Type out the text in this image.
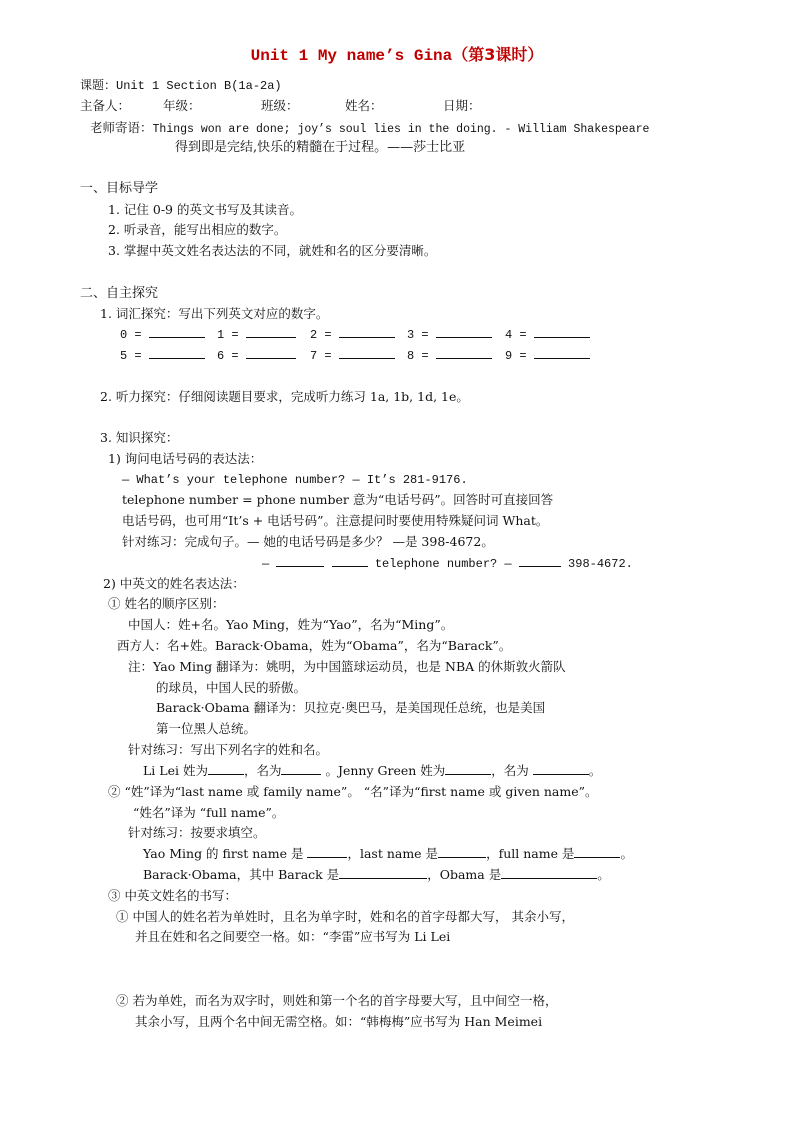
Unit 1 My name’s Gina（第3课时）
课题：Unit 1 Section B(1a-2a)
主备人：	年级：	班级：	姓名：	日期：
老师寄语：Things won are done; joy’s soul lies in the doing. - William Shakespeare
得到即是完结,快乐的精髓在于过程。——莎士比亚
一、目标导学
1. 记住 0-9 的英文书写及其读音。
2. 听录音，能写出相应的数字。
3. 掌握中英文姓名表达法的不同，就姓和名的区分要清晰。
二、自主探究
1. 词汇探究：写出下列英文对应的数字。
0 =	1 =	2 =	3 =	4 =
5 =	6 =	7 =	8 =	9 =
2. 听力探究：仔细阅读题目要求，完成听力练习 1a, 1b, 1d, 1e。
3. 知识探究：
1) 询问电话号码的表达法：
— What’s your telephone number? — It’s 281-9176.
telephone number = phone number 意为“电话号码”。回答时可直接回答
电话号码，也可用“It’s + 电话号码”。注意提问时要使用特殊疑问词 What。
针对练习：完成句子。— 她的电话号码是多少？ —是 398-4672。
—	telephone number? —	398-4672.
2) 中英文的姓名表达法：
① 姓名的顺序区别：
中国人：姓+名。Yao Ming，姓为“Yao”，名为“Ming”。
西方人：名+姓。Barack·Obama，姓为“Obama”，名为“Barack”。
注：Yao Ming 翻译为：姚明，为中国篮球运动员，也是 NBA 的休斯敦火箭队
的球员，中国人民的骄傲。
Barack·Obama 翻译为：贝拉克·奥巴马，是美国现任总统，也是美国
第一位黑人总统。
针对练习：写出下列名字的姓和名。
Li Lei 姓为	，名为	。Jenny Green 姓为	，名为	。
② “姓”译为“last name 或 family name”。 “名”译为“first name 或 given name”。
“姓名”译为 “full name”。
针对练习：按要求填空。
Yao Ming 的 first name 是	，last name 是	，full name 是	。
Barack·Obama，其中 Barack 是	，Obama 是	。
③ 中英文姓名的书写：
① 中国人的姓名若为单姓时，且名为单字时，姓和名的首字母都大写， 其余小写，
并且在姓和名之间要空一格。如：“李雷”应书写为 Li Lei
② 若为单姓，而名为双字时，则姓和第一个名的首字母要大写，且中间空一格，
其余小写，且两个名中间无需空格。如：“韩梅梅”应书写为 Han Meimei
